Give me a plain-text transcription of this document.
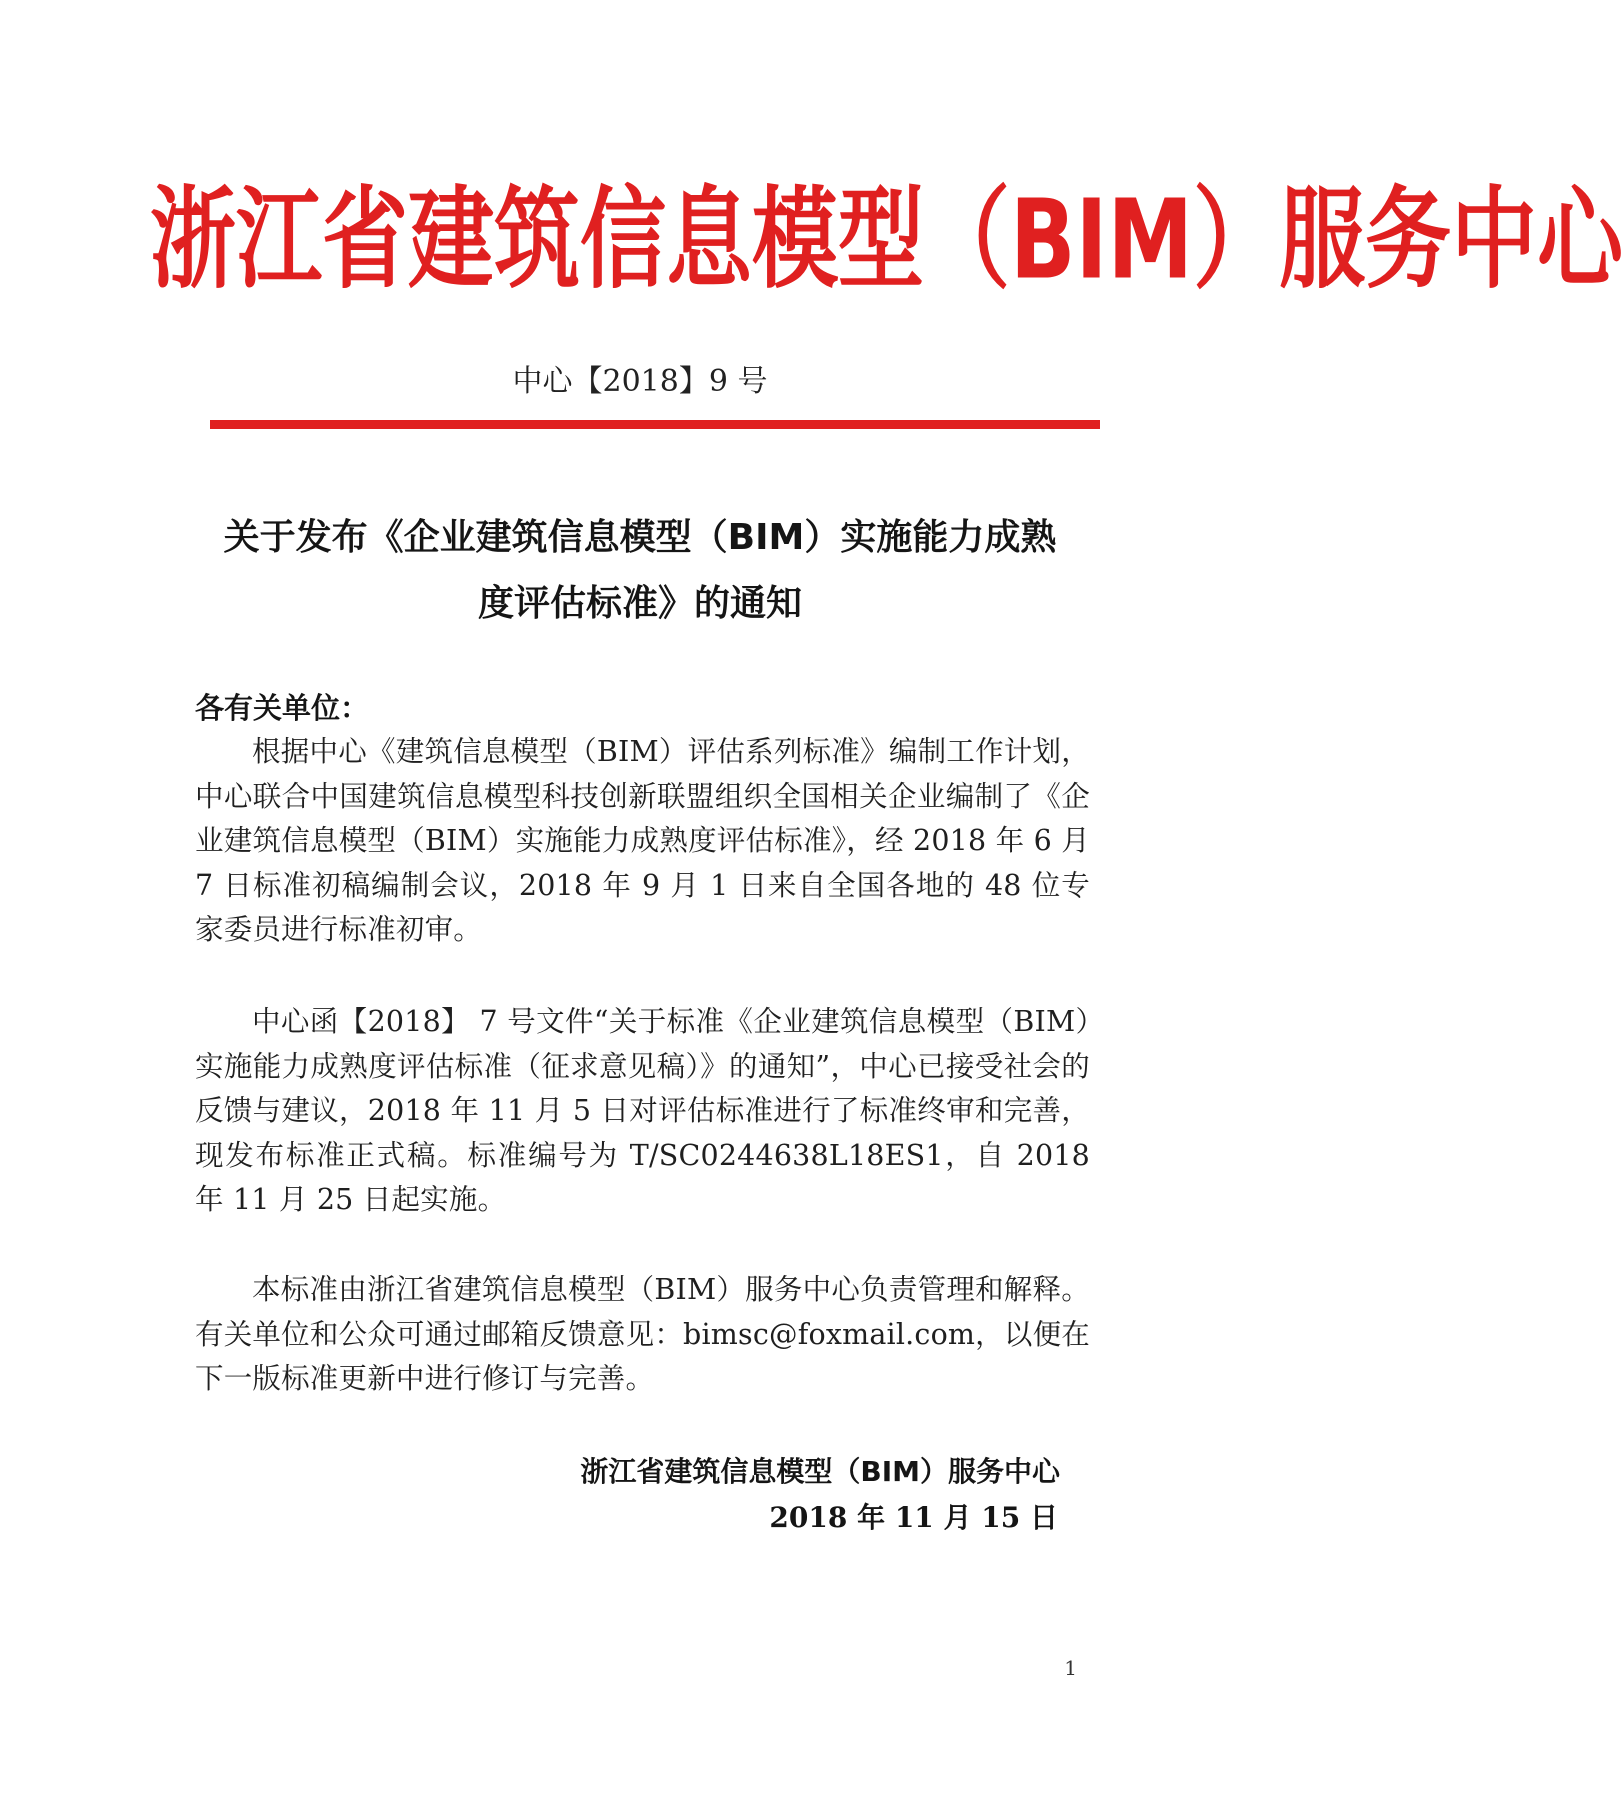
浙江省建筑信息模型（BIM）服务中心
中心【2018】9 号
关于发布《企业建筑信息模型（BIM）实施能力成熟
度评估标准》的通知
各有关单位：
根据中心《建筑信息模型（BIM）评估系列标准》编制工作计划，中心联合中国建筑信息模型科技创新联盟组织全国相关企业编制了《企业建筑信息模型（BIM）实施能力成熟度评估标准》，经 2018 年 6 月 7 日标准初稿编制会议，2018 年 9 月 1 日来自全国各地的 48 位专家委员进行标准初审。
中心函【2018】 7 号文件“关于标准《企业建筑信息模型（BIM）实施能力成熟度评估标准（征求意见稿）》的通知”，中心已接受社会的反馈与建议，2018 年 11 月 5 日对评估标准进行了标准终审和完善，现发布标准正式稿。标准编号为 T/SC0244638L18ES1，自 2018 年 11 月 25 日起实施。
本标准由浙江省建筑信息模型（BIM）服务中心负责管理和解释。有关单位和公众可通过邮箱反馈意见：bimsc@foxmail.com，以便在下一版标准更新中进行修订与完善。
浙江省建筑信息模型（BIM）服务中心
2018 年 11 月 15 日
1
